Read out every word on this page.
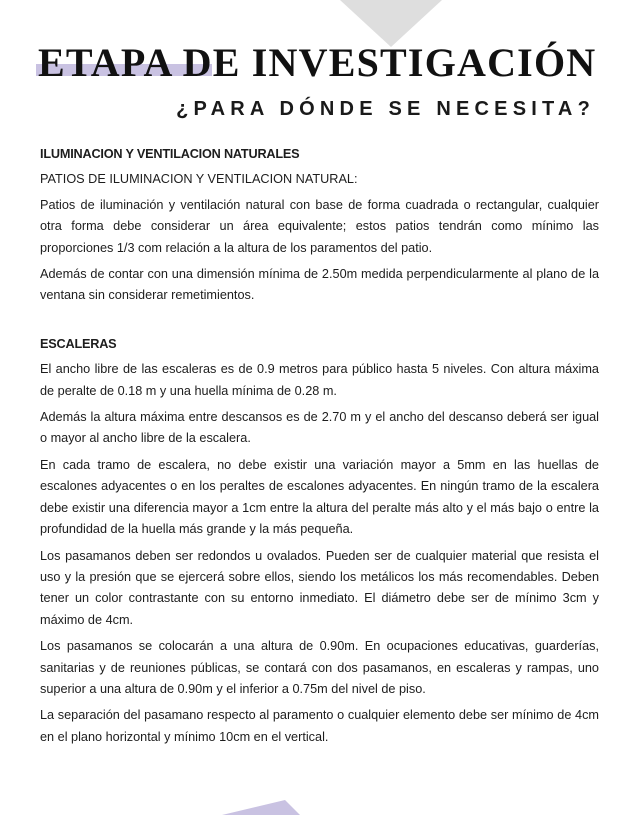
ETAPA DE INVESTIGACIÓN
¿PARA DÓNDE SE NECESITA?

ILUMINACION Y VENTILACION NATURALES

PATIOS DE ILUMINACION Y VENTILACION NATURAL:

Patios de iluminación y ventilación natural con base de forma cuadrada o rectangular, cualquier otra forma debe considerar un área equivalente; estos patios tendrán como mínimo las proporciones 1/3 com relación a la altura de los paramentos del patio.

Además de contar con una dimensión mínima de 2.50m medida perpendicularmente al plano de la ventana sin considerar remetimientos.

ESCALERAS

El ancho libre de las escaleras es de 0.9 metros para público hasta 5 niveles. Con altura máxima de peralte de 0.18 m y una huella mínima de 0.28 m.

Además la altura máxima entre descansos es de 2.70 m y el ancho del descanso deberá ser igual o mayor al ancho libre de la escalera.

En cada tramo de escalera, no debe existir una variación mayor a 5mm en las huellas de escalones adyacentes o en los peraltes de escalones adyacentes. En ningún tramo de la escalera debe existir una diferencia mayor a 1cm entre la altura del peralte más alto y el más bajo o entre la profundidad de la huella más grande y la más pequeña.

Los pasamanos deben ser redondos u ovalados. Pueden ser de cualquier material que resista el uso y la presión que se ejercerá sobre ellos, siendo los metálicos los más recomendables. Deben tener un color contrastante con su entorno inmediato. El diámetro debe ser de mínimo 3cm y máximo de 4cm.

Los pasamanos se colocarán a una altura de 0.90m. En ocupaciones educativas, guarderías, sanitarias y de reuniones públicas, se contará con dos pasamanos, en escaleras y rampas, uno superior a una altura de 0.90m y el inferior a 0.75m del nivel de piso.

La separación del pasamano respecto al paramento o cualquier elemento debe ser mínimo de 4cm en el plano horizontal y mínimo 10cm en el vertical.
